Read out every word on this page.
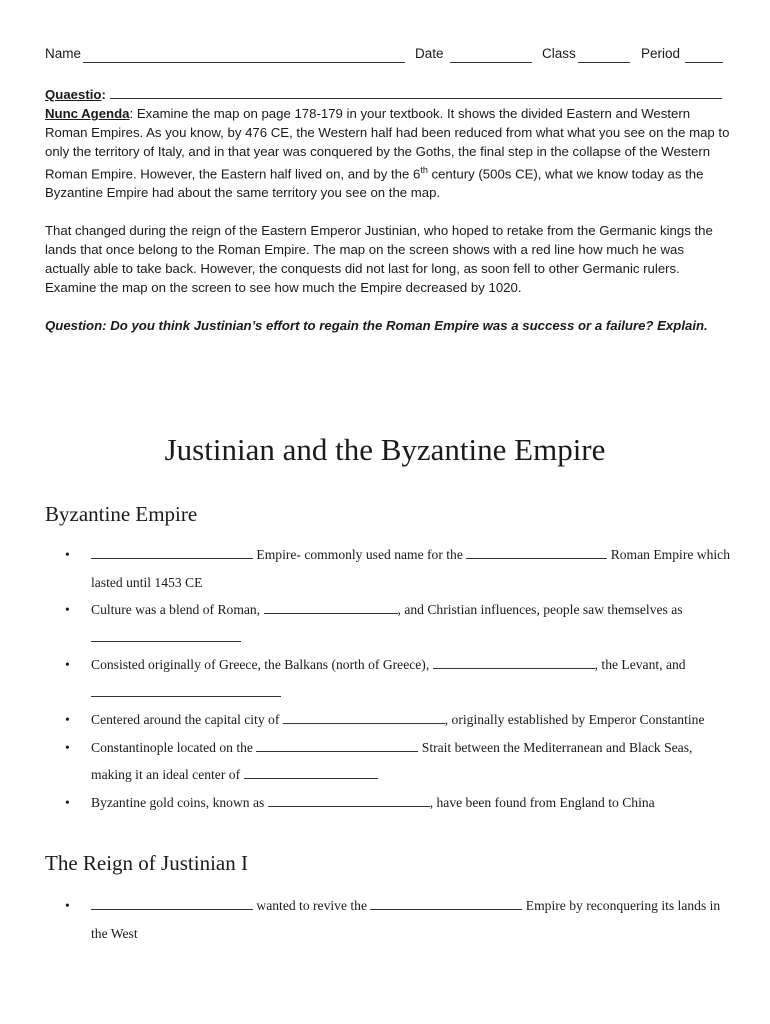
Name	Date	Class	Period

Quaestio:

Nunc Agenda: Examine the map on page 178-179 in your textbook. It shows the divided Eastern and Western Roman Empires. As you know, by 476 CE, the Western half had been reduced from what what you see on the map to only the territory of Italy, and in that year was conquered by the Goths, the final step in the collapse of the Western Roman Empire. However, the Eastern half lived on, and by the 6th century (500s CE), what we know today as the Byzantine Empire had about the same territory you see on the map.

That changed during the reign of the Eastern Emperor Justinian, who hoped to retake from the Germanic kings the lands that once belong to the Roman Empire. The map on the screen shows with a red line how much he was actually able to take back. However, the conquests did not last for long, as soon fell to other Germanic rulers. Examine the map on the screen to see how much the Empire decreased by 1020.

Question: Do you think Justinian’s effort to regain the Roman Empire was a success or a failure? Explain.

Justinian and the Byzantine Empire
Byzantine Empire
•	Empire- commonly used name for the	Roman Empire which lasted until 1453 CE
• Culture was a blend of Roman,	, and Christian influences, people saw themselves as
• Consisted originally of Greece, the Balkans (north of Greece),	, the Levant, and
• Centered around the capital city of	, originally established by Emperor Constantine
• Constantinople located on the	Strait between the Mediterranean and Black Seas, making it an ideal center of
• Byzantine gold coins, known as	, have been found from England to China
The Reign of Justinian I
•	wanted to revive the	Empire by reconquering its lands in the West
